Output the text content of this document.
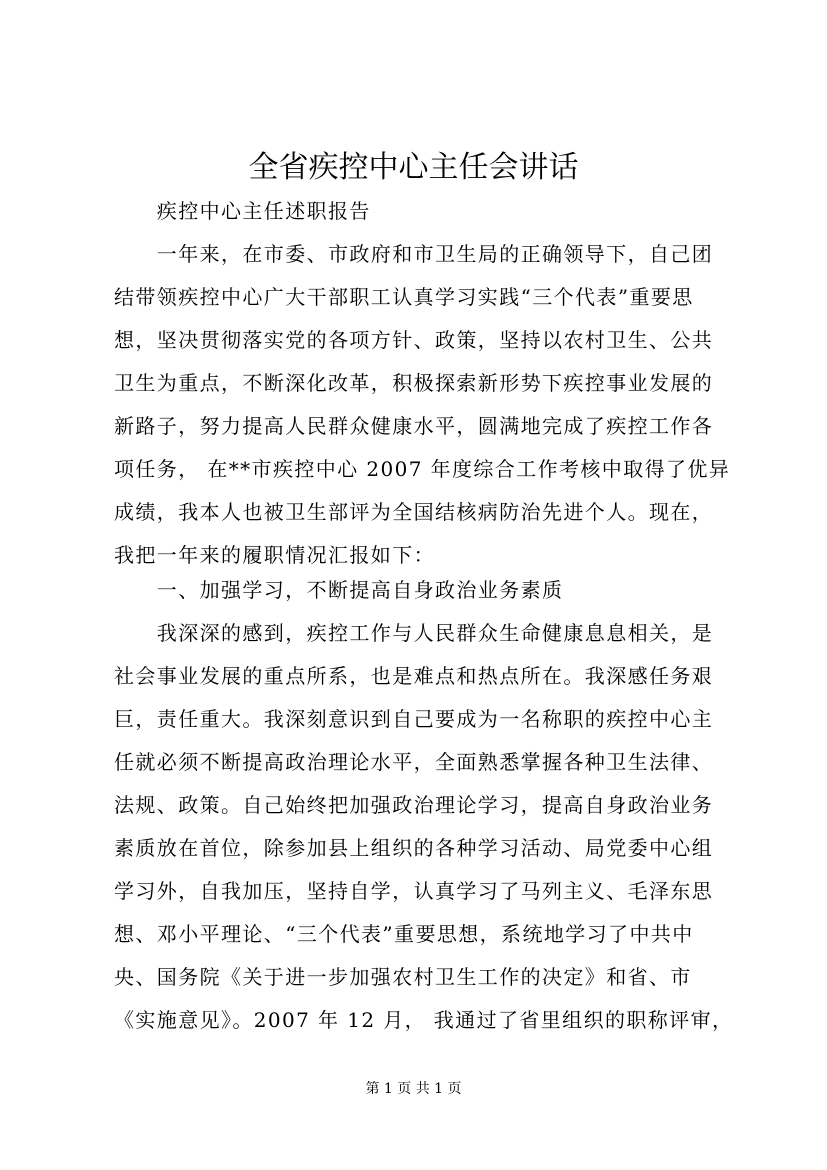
全省疾控中心主任会讲话
　　疾控中心主任述职报告
　　一年来，在市委、市政府和市卫生局的正确领导下，自己团
结带领疾控中心广大干部职工认真学习实践“三个代表”重要思
想，坚决贯彻落实党的各项方针、政策，坚持以农村卫生、公共
卫生为重点，不断深化改革，积极探索新形势下疾控事业发展的
新路子，努力提高人民群众健康水平，圆满地完成了疾控工作各
项任务， 在**市疾控中心 2007 年度综合工作考核中取得了优异
成绩，我本人也被卫生部评为全国结核病防治先进个人。现在，
我把一年来的履职情况汇报如下：
　　一、加强学习，不断提高自身政治业务素质
　　我深深的感到，疾控工作与人民群众生命健康息息相关，是
社会事业发展的重点所系，也是难点和热点所在。我深感任务艰
巨，责任重大。我深刻意识到自己要成为一名称职的疾控中心主
任就必须不断提高政治理论水平，全面熟悉掌握各种卫生法律、
法规、政策。自己始终把加强政治理论学习，提高自身政治业务
素质放在首位，除参加县上组织的各种学习活动、局党委中心组
学习外，自我加压，坚持自学，认真学习了马列主义、毛泽东思
想、邓小平理论、“三个代表”重要思想，系统地学习了中共中
央、国务院《关于进一步加强农村卫生工作的决定》和省、市
《实施意见》。2007 年 12 月， 我通过了省里组织的职称评审，
第 1 页 共 1 页
